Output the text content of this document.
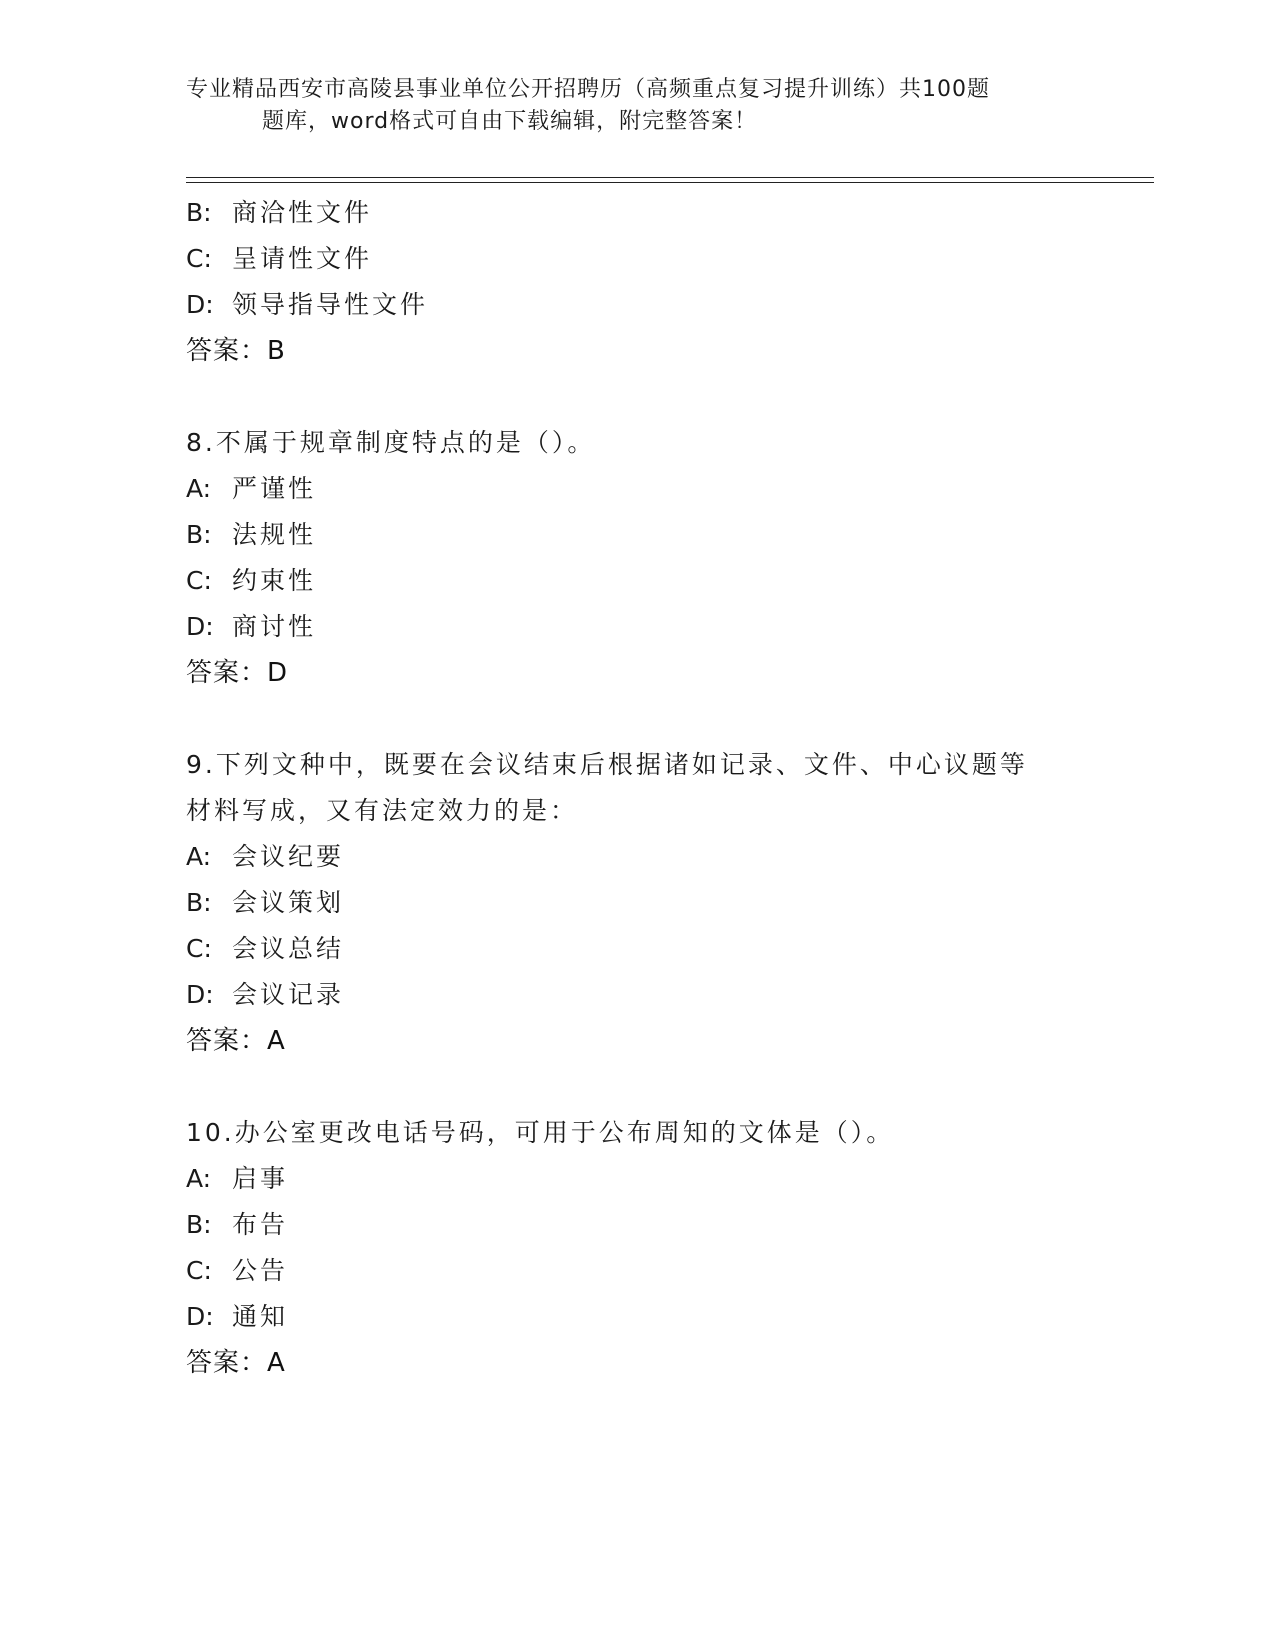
专业精品西安市高陵县事业单位公开招聘历（高频重点复习提升训练）共100题
题库，word格式可自由下载编辑，附完整答案！
B: 商洽性文件
C: 呈请性文件
D: 领导指导性文件
答案：B
8.不属于规章制度特点的是（）。
A: 严谨性
B: 法规性
C: 约束性
D: 商讨性
答案：D
9.下列文种中，既要在会议结束后根据诸如记录、文件、中心议题等
材料写成，又有法定效力的是：
A: 会议纪要
B: 会议策划
C: 会议总结
D: 会议记录
答案：A
10.办公室更改电话号码，可用于公布周知的文体是（）。
A: 启事
B: 布告
C: 公告
D: 通知
答案：A
